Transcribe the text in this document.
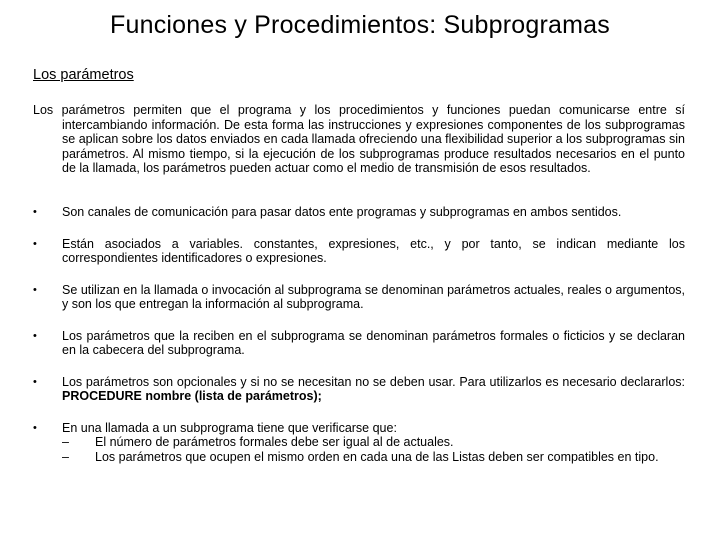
Funciones y Procedimientos: Subprogramas
Los parámetros
Los parámetros permiten que el programa y los procedimientos y funciones puedan comunicarse entre sí intercambiando información. De esta forma las instrucciones y expresiones componentes de los subprogramas se aplican sobre los datos enviados en cada llamada ofreciendo una flexibilidad superior a los subprogramas sin parámetros. Al mismo tiempo, si la ejecución de los subprogramas produce resultados necesarios en el punto de la llamada, los parámetros pueden actuar como el medio de transmisión de esos resultados.
• Son canales de comunicación para pasar datos ente programas y subprogramas en ambos sentidos.
• Están asociados a variables. constantes, expresiones, etc., y por tanto, se indican mediante los correspondientes identificadores o expresiones.
• Se utilizan en la llamada o invocación al subprograma se denominan parámetros actuales, reales o argumentos, y son los que entregan la información al subprograma.
• Los parámetros que la reciben en el subprograma se denominan parámetros formales o ficticios y se declaran en la cabecera del subprograma.
• Los parámetros son opcionales y si no se necesitan no se deben usar. Para utilizarlos es necesario declararlos: PROCEDURE nombre (lista de parámetros);
• En una llamada a un subprograma tiene que verificarse que:
– El número de parámetros formales debe ser igual al de actuales.
– Los parámetros que ocupen el mismo orden en cada una de las Listas deben ser compatibles en tipo.
